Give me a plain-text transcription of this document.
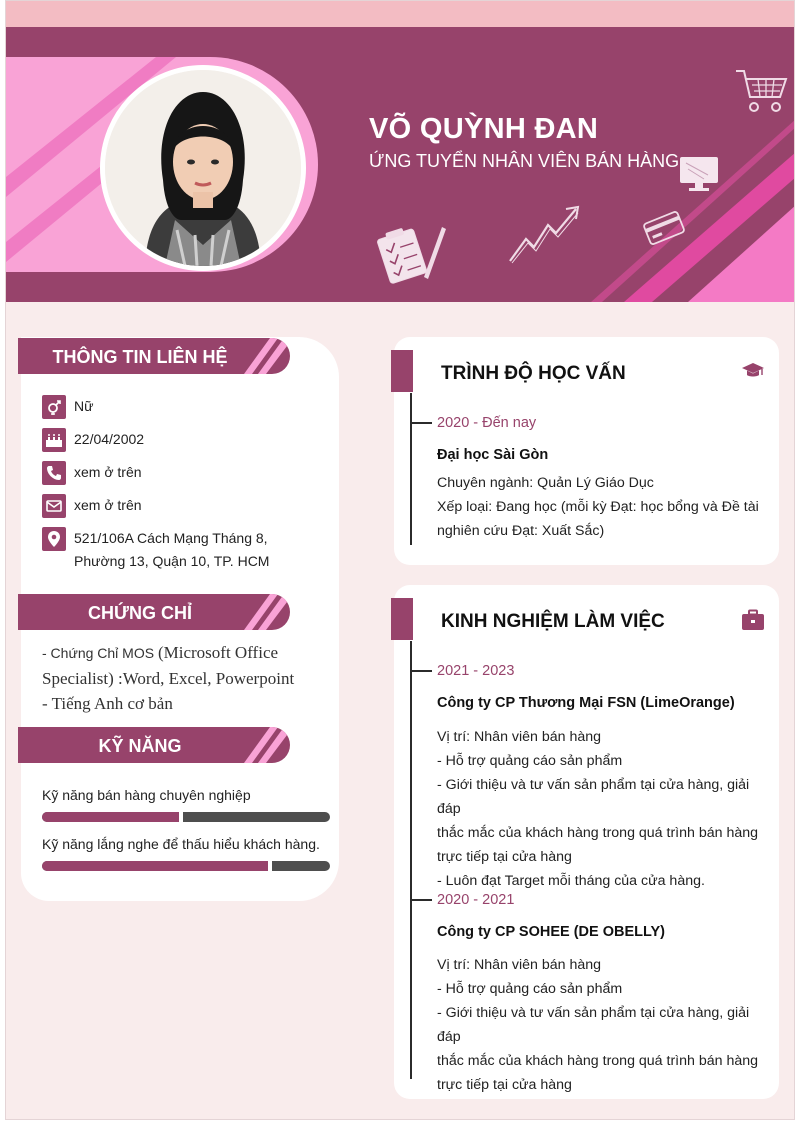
VÕ QUỲNH ĐAN
ỨNG TUYỂN NHÂN VIÊN BÁN HÀNG
THÔNG TIN LIÊN HỆ
Nữ
22/04/2002
xem ở trên
xem ở trên
521/106A Cách Mạng Tháng 8,
Phường 13, Quận 10, TP. HCM
CHỨNG CHỈ
- Chứng Chỉ MOS (Microsoft Office
Specialist) :Word, Excel, Powerpoint
- Tiếng Anh cơ bản
KỸ NĂNG
Kỹ năng bán hàng chuyên nghiệp
Kỹ năng lắng nghe để thấu hiểu khách hàng.
TRÌNH ĐỘ HỌC VẤN
2020 - Đến nay
Đại học Sài Gòn
Chuyên ngành: Quản Lý Giáo Dục
Xếp loại: Đang học (mỗi kỳ Đạt: học bổng và Đề tài
nghiên cứu Đạt: Xuất Sắc)
KINH NGHIỆM LÀM VIỆC
2021 - 2023
Công ty CP Thương Mại FSN (LimeOrange)
Vị trí: Nhân viên bán hàng
- Hỗ trợ quảng cáo sản phẩm
- Giới thiệu và tư vấn sản phẩm tại cửa hàng, giải đáp
thắc mắc của khách hàng trong quá trình bán hàng
trực tiếp tại cửa hàng
- Luôn đạt Target mỗi tháng của cửa hàng.
2020 - 2021
Công ty CP SOHEE (DE OBELLY)
Vị trí: Nhân viên bán hàng
- Hỗ trợ quảng cáo sản phẩm
- Giới thiệu và tư vấn sản phẩm tại cửa hàng, giải đáp
thắc mắc của khách hàng trong quá trình bán hàng
trực tiếp tại cửa hàng
